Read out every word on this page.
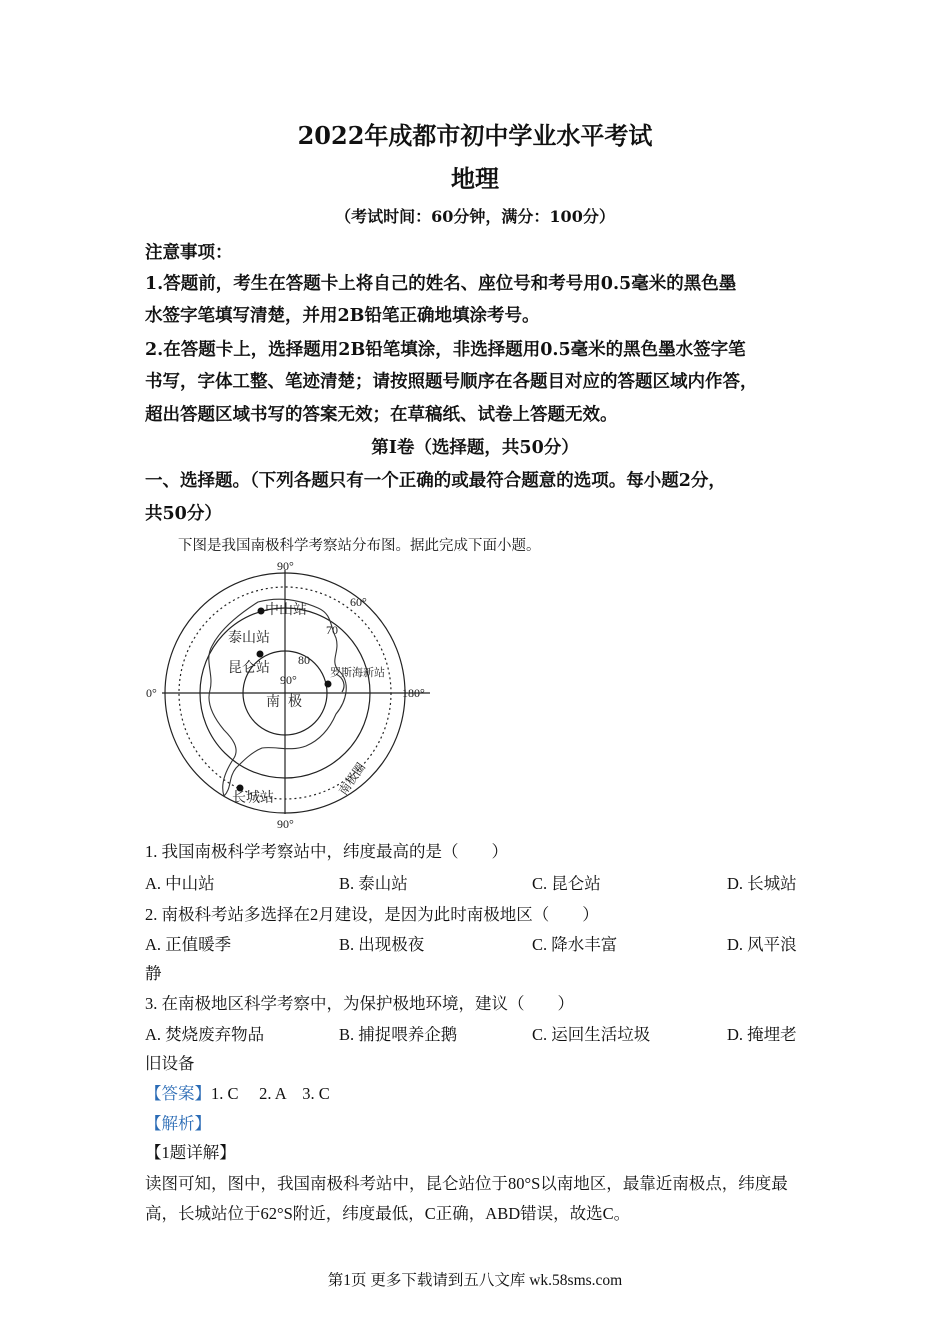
2022年成都市初中学业水平考试
地理
（考试时间：60分钟，满分：100分）
注意事项：
1.答题前，考生在答题卡上将自己的姓名、座位号和考号用0.5毫米的黑色墨
水签字笔填写清楚，并用2B铅笔正确地填涂考号。
2.在答题卡上，选择题用2B铅笔填涂，非选择题用0.5毫米的黑色墨水签字笔
书写，字体工整、笔迹清楚；请按照题号顺序在各题目对应的答题区域内作答，
超出答题区域书写的答案无效；在草稿纸、试卷上答题无效。
第Ⅰ卷（选择题，共50分）
一、选择题。（下列各题只有一个正确的或最符合题意的选项。每小题2分，
共50分）
下图是我国南极科学考察站分布图。据此完成下面小题。
90°
90°
0°	180°
60°
70
80
90°
中山站
泰山站
昆仑站	罗斯海新站
长城站
南 极
南极圈
1. 我国南极科学考察站中，纬度最高的是（　　）
A. 中山站	B. 泰山站	C. 昆仑站	D. 长城站
2. 南极科考站多选择在2月建设，是因为此时南极地区（　　）
A. 正值暖季	B. 出现极夜	C. 降水丰富	D. 风平浪
静
3. 在南极地区科学考察中，为保护极地环境，建议（　　）
A. 焚烧废弃物品	B. 捕捉喂养企鹅	C. 运回生活垃圾	D. 掩埋老
旧设备
【答案】1. C　 2. A　3. C
【解析】
【1题详解】
读图可知，图中，我国南极科考站中，昆仑站位于80°S以南地区，最靠近南极点，纬度最
高，长城站位于62°S附近，纬度最低，C正确，ABD错误，故选C。
第1页 更多下载请到五八文库 wk.58sms.com
